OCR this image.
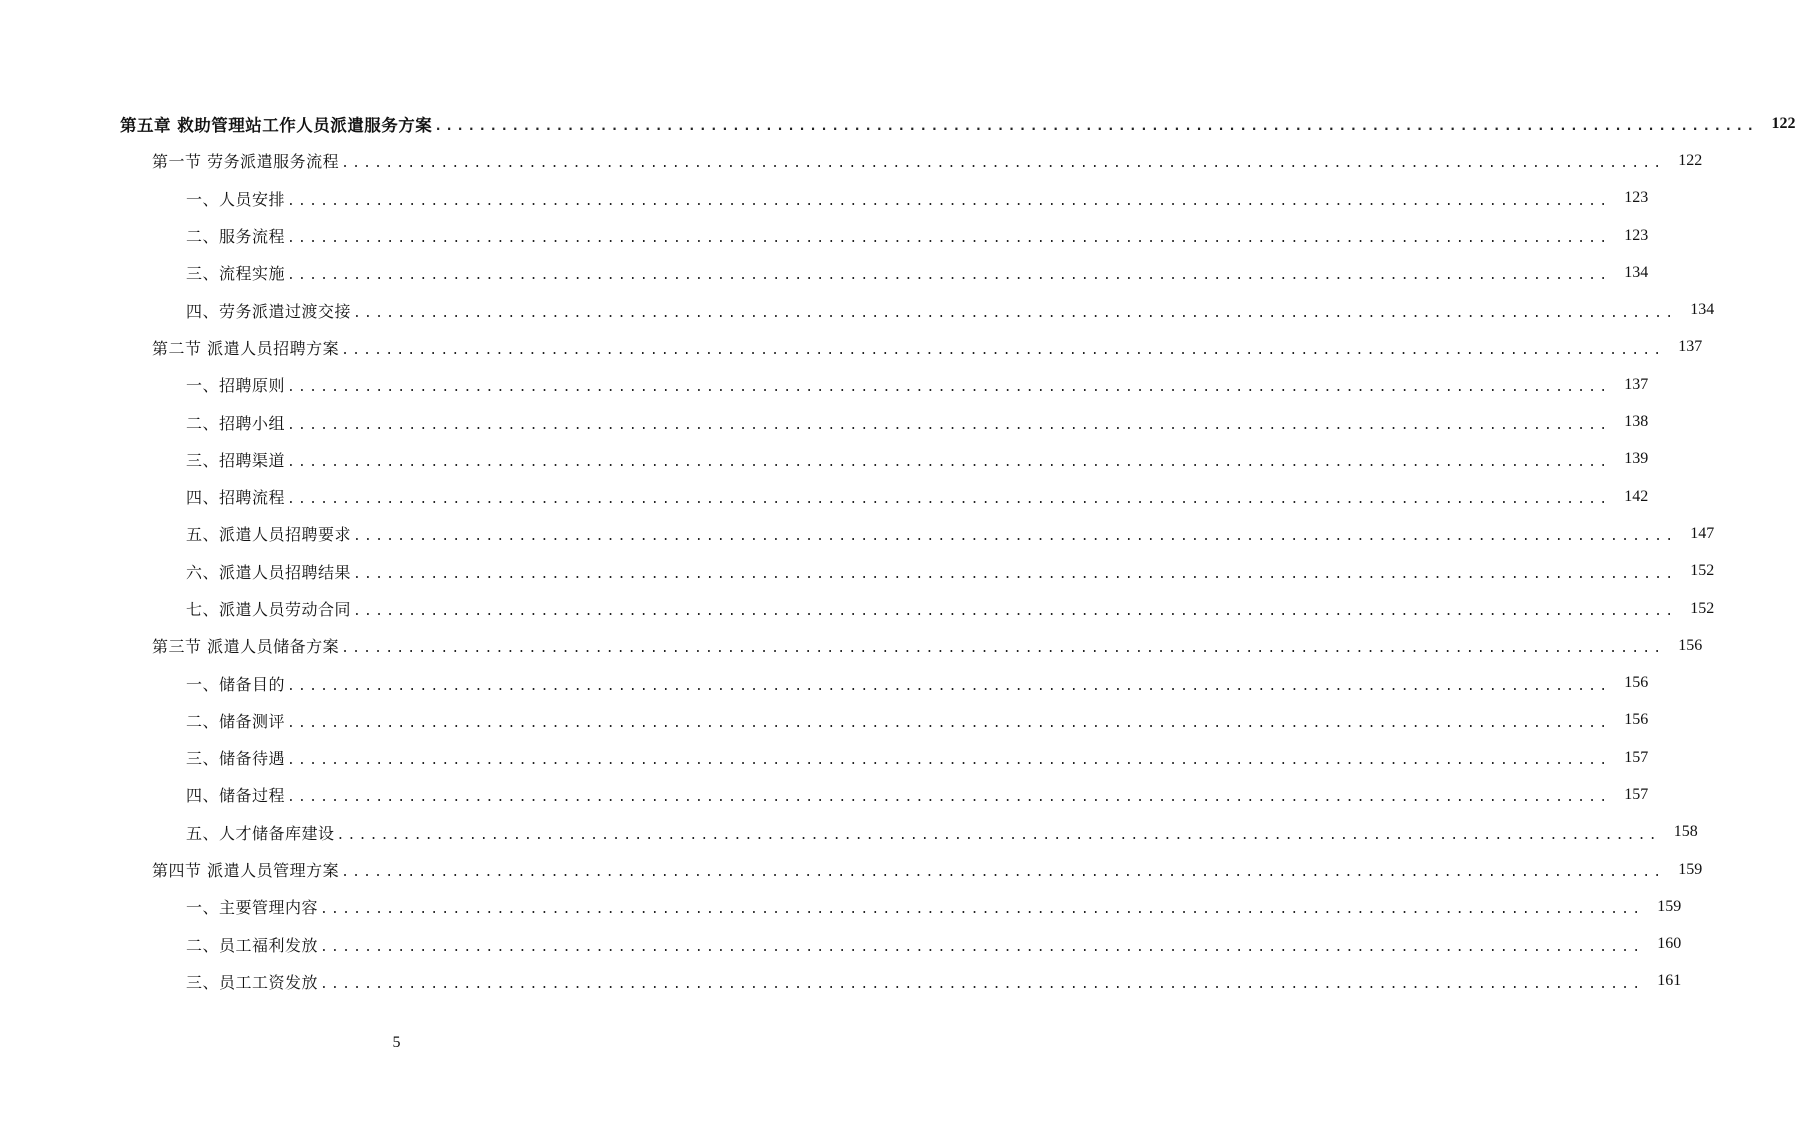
第五章 救助管理站工作人员派遣服务方案 ........................................................................................................................ 122
第一节 劳务派遣服务流程 ........................................................................................................................ 122
一、人员安排 ........................................................................................................................ 123
二、服务流程 ........................................................................................................................ 123
三、流程实施 ........................................................................................................................ 134
四、劳务派遣过渡交接 ........................................................................................................................ 134
第二节 派遣人员招聘方案 ........................................................................................................................ 137
一、招聘原则 ........................................................................................................................ 137
二、招聘小组 ........................................................................................................................ 138
三、招聘渠道 ........................................................................................................................ 139
四、招聘流程 ........................................................................................................................ 142
五、派遣人员招聘要求 ........................................................................................................................ 147
六、派遣人员招聘结果 ........................................................................................................................ 152
七、派遣人员劳动合同 ........................................................................................................................ 152
第三节 派遣人员储备方案 ........................................................................................................................ 156
一、储备目的 ........................................................................................................................ 156
二、储备测评 ........................................................................................................................ 156
三、储备待遇 ........................................................................................................................ 157
四、储备过程 ........................................................................................................................ 157
五、人才储备库建设 ........................................................................................................................ 158
第四节 派遣人员管理方案 ........................................................................................................................ 159
一、主要管理内容 ........................................................................................................................ 159
二、员工福利发放 ........................................................................................................................ 160
三、员工工资发放 ........................................................................................................................ 161
5
